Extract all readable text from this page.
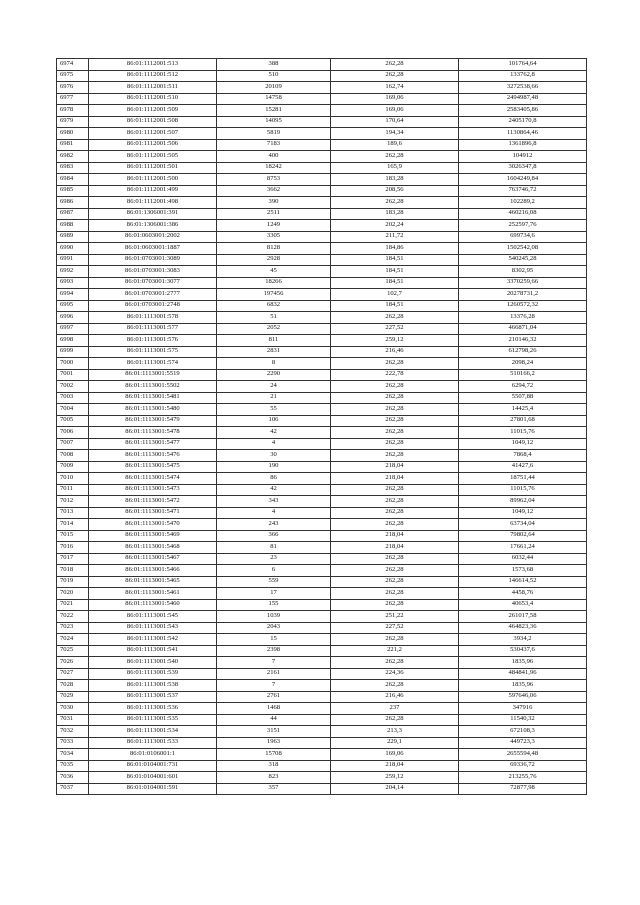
6974	86:01:1112001:513	388	262,28	101764,64
6975	86:01:1112001:512	510	262,28	133762,8
6976	86:01:1112001:511	20109	162,74	3272538,66
6977	86:01:1112001:510	14758	169,06	2494987,48
6978	86:01:1112001:509	15281	169,06	2583405,86
6979	86:01:1112001:508	14095	170,64	2405170,8
6980	86:01:1112001:507	5819	194,34	1130864,46
6981	86:01:1112001:506	7183	189,6	1361896,8
6982	86:01:1112001:505	400	262,28	104912
6983	86:01:1112001:501	18242	165,9	3026347,8
6984	86:01:1112001:500	8753	183,28	1604249,84
6985	86:01:1112001:499	3662	208,56	763746,72
6986	86:01:1112001:498	390	262,28	102289,2
6987	86:01:1306001:391	2511	183,28	460216,08
6988	86:01:1306001:386	1249	202,24	252597,76
6989	86:01:0603001:2002	3305	211,72	699734,6
6990	86:01:0603001:1887	8128	184,86	1502542,08
6991	86:01:0703001:3089	2928	184,51	540245,28
6992	86:01:0703001:3083	45	184,51	8302,95
6993	86:01:0703001:3077	18266	184,51	3370259,66
6994	86:01:0703001:2777	197456	102,7	20278731,2
6995	86:01:0703001:2748	6832	184,51	1260572,32
6996	86:01:1113001:578	51	262,28	13376,28
6997	86:01:1113001:577	2052	227,52	466871,04
6998	86:01:1113001:576	811	259,12	210146,32
6999	86:01:1113001:575	2831	216,46	612798,26
7000	86:01:1113001:574	8	262,28	2098,24
7001	86:01:1113001:5519	2290	222,78	510166,2
7002	86:01:1113001:5502	24	262,28	6294,72
7003	86:01:1113001:5481	21	262,28	5507,88
7004	86:01:1113001:5480	55	262,28	14425,4
7005	86:01:1113001:5479	106	262,28	27801,68
7006	86:01:1113001:5478	42	262,28	11015,76
7007	86:01:1113001:5477	4	262,28	1049,12
7008	86:01:1113001:5476	30	262,28	7868,4
7009	86:01:1113001:5475	190	218,04	41427,6
7010	86:01:1113001:5474	86	218,04	18751,44
7011	86:01:1113001:5473	42	262,28	11015,76
7012	86:01:1113001:5472	343	262,28	89962,04
7013	86:01:1113001:5471	4	262,28	1049,12
7014	86:01:1113001:5470	243	262,28	63734,04
7015	86:01:1113001:5469	366	218,04	79802,64
7016	86:01:1113001:5468	81	218,04	17661,24
7017	86:01:1113001:5467	23	262,28	6032,44
7018	86:01:1113001:5466	6	262,28	1573,68
7019	86:01:1113001:5465	559	262,28	146614,52
7020	86:01:1113001:5461	17	262,28	4458,76
7021	86:01:1113001:5460	155	262,28	40653,4
7022	86:01:1113001:545	1039	251,22	261017,58
7023	86:01:1113001:543	2043	227,52	464823,36
7024	86:01:1113001:542	15	262,28	3934,2
7025	86:01:1113001:541	2398	221,2	530437,6
7026	86:01:1113001:540	7	262,28	1835,96
7027	86:01:1113001:539	2161	224,36	484841,96
7028	86:01:1113001:538	7	262,28	1835,96
7029	86:01:1113001:537	2761	216,46	597646,06
7030	86:01:1113001:536	1468	237	347916
7031	86:01:1113001:535	44	262,28	11540,32
7032	86:01:1113001:534	3151	213,3	672108,3
7033	86:01:1113001:533	1963	229,1	449723,3
7034	86:01:0106001:1	15708	169,06	2655594,48
7035	86:01:0104001:731	318	218,04	69336,72
7036	86:01:0104001:601	823	259,12	213255,76
7037	86:01:0104001:591	357	204,14	72877,98
